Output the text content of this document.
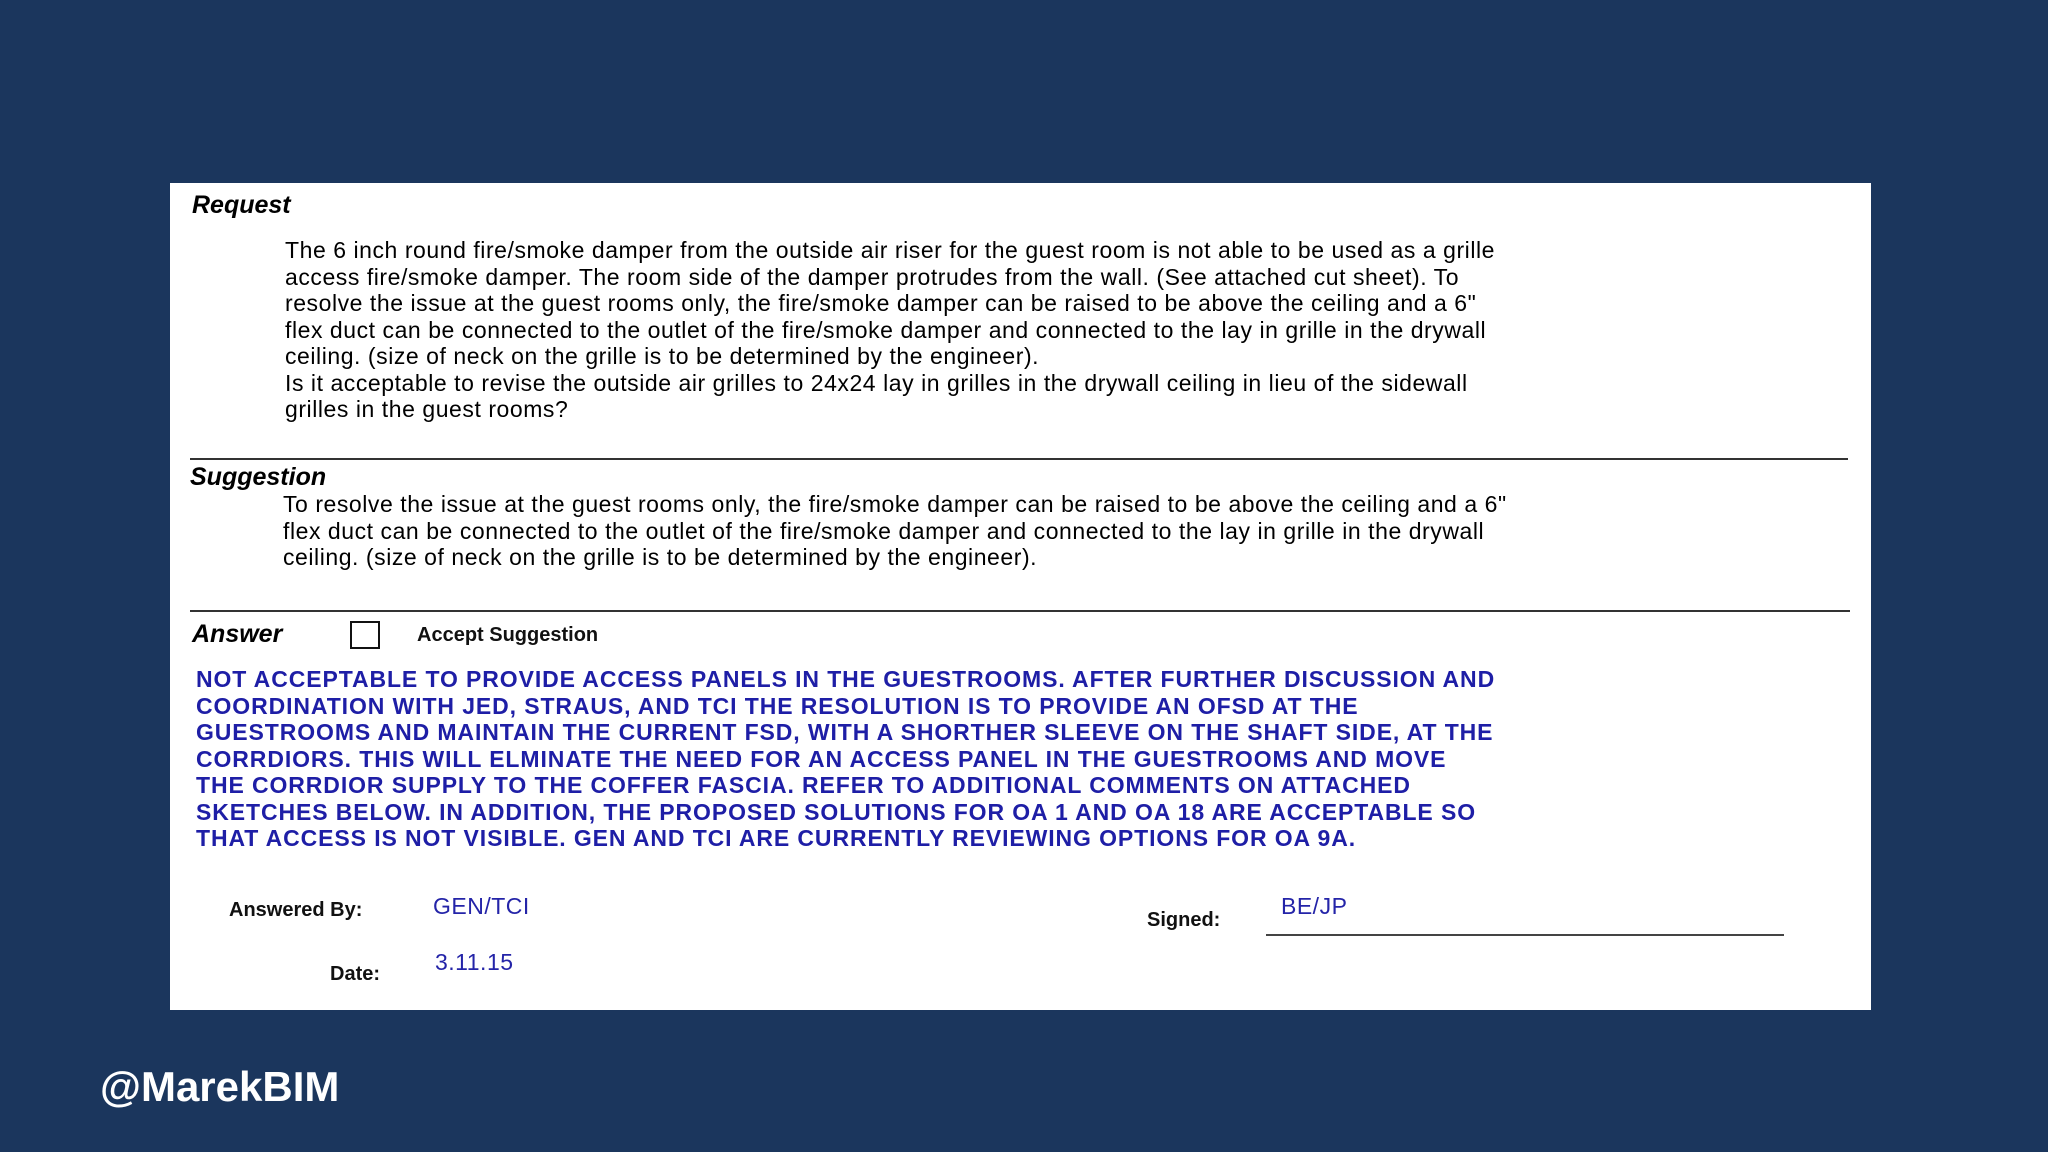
Request
The 6 inch round fire/smoke damper from the outside air riser for the guest room is not able to be used as a grille
access fire/smoke damper. The room side of the damper protrudes from the wall. (See attached cut sheet). To
resolve the issue at the guest rooms only, the fire/smoke damper can be raised to be above the ceiling and a 6"
flex duct can be connected to the outlet of the fire/smoke damper and connected to the lay in grille in the drywall
ceiling. (size of neck on the grille is to be determined by the engineer).
Is it acceptable to revise the outside air grilles to 24x24 lay in grilles in the drywall ceiling in lieu of the sidewall
grilles in the guest rooms?
Suggestion
To resolve the issue at the guest rooms only, the fire/smoke damper can be raised to be above the ceiling and a 6"
flex duct can be connected to the outlet of the fire/smoke damper and connected to the lay in grille in the drywall
ceiling. (size of neck on the grille is to be determined by the engineer).
Answer	Accept Suggestion
NOT ACCEPTABLE TO PROVIDE ACCESS PANELS IN THE GUESTROOMS. AFTER FURTHER DISCUSSION AND
COORDINATION WITH JED, STRAUS, AND TCI THE RESOLUTION IS TO PROVIDE AN OFSD AT THE
GUESTROOMS AND MAINTAIN THE CURRENT FSD, WITH A SHORTHER SLEEVE ON THE SHAFT SIDE, AT THE
CORRDIORS. THIS WILL ELMINATE THE NEED FOR AN ACCESS PANEL IN THE GUESTROOMS AND MOVE
THE CORRDIOR SUPPLY TO THE COFFER FASCIA. REFER TO ADDITIONAL COMMENTS ON ATTACHED
SKETCHES BELOW. IN ADDITION, THE PROPOSED SOLUTIONS FOR OA 1 AND OA 18 ARE ACCEPTABLE SO
THAT ACCESS IS NOT VISIBLE. GEN AND TCI ARE CURRENTLY REVIEWING OPTIONS FOR OA 9A.
Answered By:	GEN/TCI
Date: 3.11.15
Signed:
BE/JP
@MarekBIM
